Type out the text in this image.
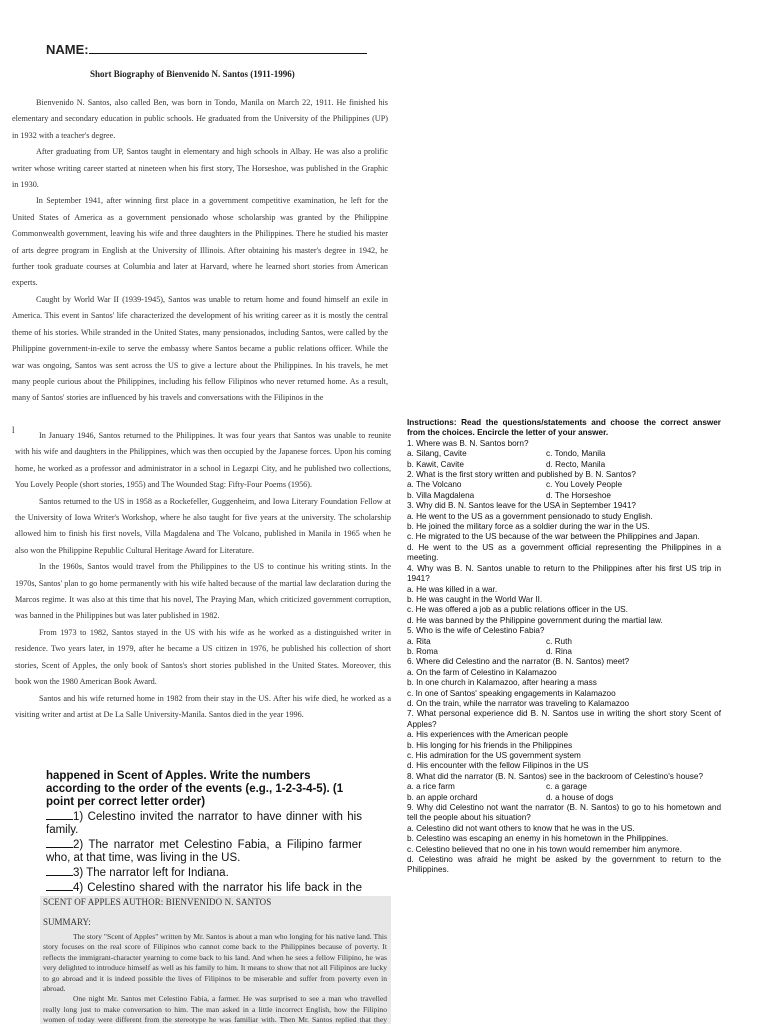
NAME:
Short Biography of Bienvenido N. Santos (1911-1996)

Bienvenido N. Santos, also called Ben, was born in Tondo, Manila on March 22, 1911. He finished his elementary and secondary education in public schools. He graduated from the University of the Philippines (UP) in 1932 with a teacher's degree.

After graduating from UP, Santos taught in elementary and high schools in Albay. He was also a prolific writer whose writing career started at nineteen when his first story, The Horseshoe, was published in the Graphic in 1930.

In September 1941, after winning first place in a government competitive examination, he left for the United States of America as a government pensionado whose scholarship was granted by the Philippine Commonwealth government, leaving his wife and three daughters in the Philippines. There he studied his master of arts degree program in English at the University of Illinois. After obtaining his master's degree in 1942, he further took graduate courses at Columbia and later at Harvard, where he learned short stories from American experts.

Caught by World War II (1939-1945), Santos was unable to return home and found himself an exile in America. This event in Santos' life characterized the development of his writing career as it is mostly the central theme of his stories. While stranded in the United States, many pensionados, including Santos, were called by the Philippine government-in-exile to serve the embassy where Santos became a public relations officer. While the war was ongoing, Santos was sent across the US to give a lecture about the Philippines. In his travels, he met many people curious about the Philippines, including his fellow Filipinos who never returned home. As a result, many of Santos' stories are influenced by his travels and conversations with the Filipinos in the

l

In January 1946, Santos returned to the Philippines. It was four years that Santos was unable to reunite with his wife and daughters in the Philippines, which was then occupied by the Japanese forces. Upon his coming home, he worked as a professor and administrator in a school in Legazpi City, and he published two collections, You Lovely People (short stories, 1955) and The Wounded Stag: Fifty-Four Poems (1956).

Santos returned to the US in 1958 as a Rockefeller, Guggenheim, and Iowa Literary Foundation Fellow at the University of Iowa Writer's Workshop, where he also taught for five years at the university. The scholarship allowed him to finish his first novels, Villa Magdalena and The Volcano, published in Manila in 1965 when he also won the Philippine Republic Cultural Heritage Award for Literature.

In the 1960s, Santos would travel from the Philippines to the US to continue his writing stints. In the 1970s, Santos' plan to go home permanently with his wife halted because of the martial law declaration during the Marcos regime. It was also at this time that his novel, The Praying Man, which criticized government corruption, was banned in the Philippines but was later published in 1982.

From 1973 to 1982, Santos stayed in the US with his wife as he worked as a distinguished writer in residence. Two years later, in 1979, after he became a US citizen in 1976, he published his collection of short stories, Scent of Apples, the only book of Santos's short stories published in the United States. Moreover, this book won the 1980 American Book Award.

Santos and his wife returned home in 1982 from their stay in the US. After his wife died, he worked as a visiting writer and artist at De La Salle University-Manila. Santos died in the year 1996.

Instructions: Read the questions/statements and choose the correct answer from the choices. Encircle the letter of your answer.
1. Where was B. N. Santos born?
a. Silang, Cavite	c. Tondo, Manila
b. Kawit, Cavite	d. Recto, Manila
2. What is the first story written and published by B. N. Santos?
a. The Volcano	c. You Lovely People
b. Villa Magdalena	d. The Horseshoe
3. Why did B. N. Santos leave for the USA in September 1941?
a. He went to the US as a government pensionado to study English.
b. He joined the military force as a soldier during the war in the US.
c. He migrated to the US because of the war between the Philippines and Japan.
d. He went to the US as a government official representing the Philippines in a meeting.
4. Why was B. N. Santos unable to return to the Philippines after his first US trip in 1941?
a. He was killed in a war.
b. He was caught in the World War II.
c. He was offered a job as a public relations officer in the US.
d. He was banned by the Philippine government during the martial law.
5. Who is the wife of Celestino Fabia?
a. Rita	c. Ruth
b. Roma	d. Rina
6. Where did Celestino and the narrator (B. N. Santos) meet?
a. On the farm of Celestino in Kalamazoo
b. In one church in Kalamazoo, after hearing a mass
c. In one of Santos' speaking engagements in Kalamazoo
d. On the train, while the narrator was traveling to Kalamazoo
7. What personal experience did B. N. Santos use in writing the short story Scent of Apples?
a. His experiences with the American people
b. His longing for his friends in the Philippines
c. His admiration for the US government system
d. His encounter with the fellow Filipinos in the US
8. What did the narrator (B. N. Santos) see in the backroom of Celestino's house?
a. a rice farm	c. a garage
b. an apple orchard	d. a house of dogs
9. Why did Celestino not want the narrator (B. N. Santos) to go to his hometown and tell the people about his situation?
a. Celestino did not want others to know that he was in the US.
b. Celestino was escaping an enemy in his hometown in the Philippines.
c. Celestino believed that no one in his town would remember him anymore.
d. Celestino was afraid he might be asked by the government to return to the Philippines.
happened in Scent of Apples. Write the numbers according to the order of the events (e.g., 1-2-3-4-5). (1 point per correct letter order)
1) Celestino invited the narrator to have dinner with his family.
2) The narrator met Celestino Fabia, a Filipino farmer who, at that time, was living in the US.
3) The narrator left for Indiana.
4) Celestino shared with the narrator his life back in the
SCENT OF APPLES AUTHOR: BIENVENIDO N. SANTOS
SUMMARY:

The story "Scent of Apples" written by Mr. Santos is about a man who longing for his native land. This story focuses on the real score of Filipinos who cannot come back to the Philippines because of poverty. It reflects the immigrant-character yearning to come back to his land. And when he sees a fellow Filipino, he was very delighted to introduce himself as well as his family to him. It means to show that not all Filipinos are lucky to go abroad and it is indeed possible the lives of Filipinos to be miserable and suffer from poverty even in abroad.

One night Mr. Santos met Celestino Fabia, a farmer. He was surprised to see a man who travelled really long just to make conversation to him. The man asked in a little incorrect English, how the Filipino women of today were different from the stereotype he was familiar with. Then Mr. Santos replied that they
